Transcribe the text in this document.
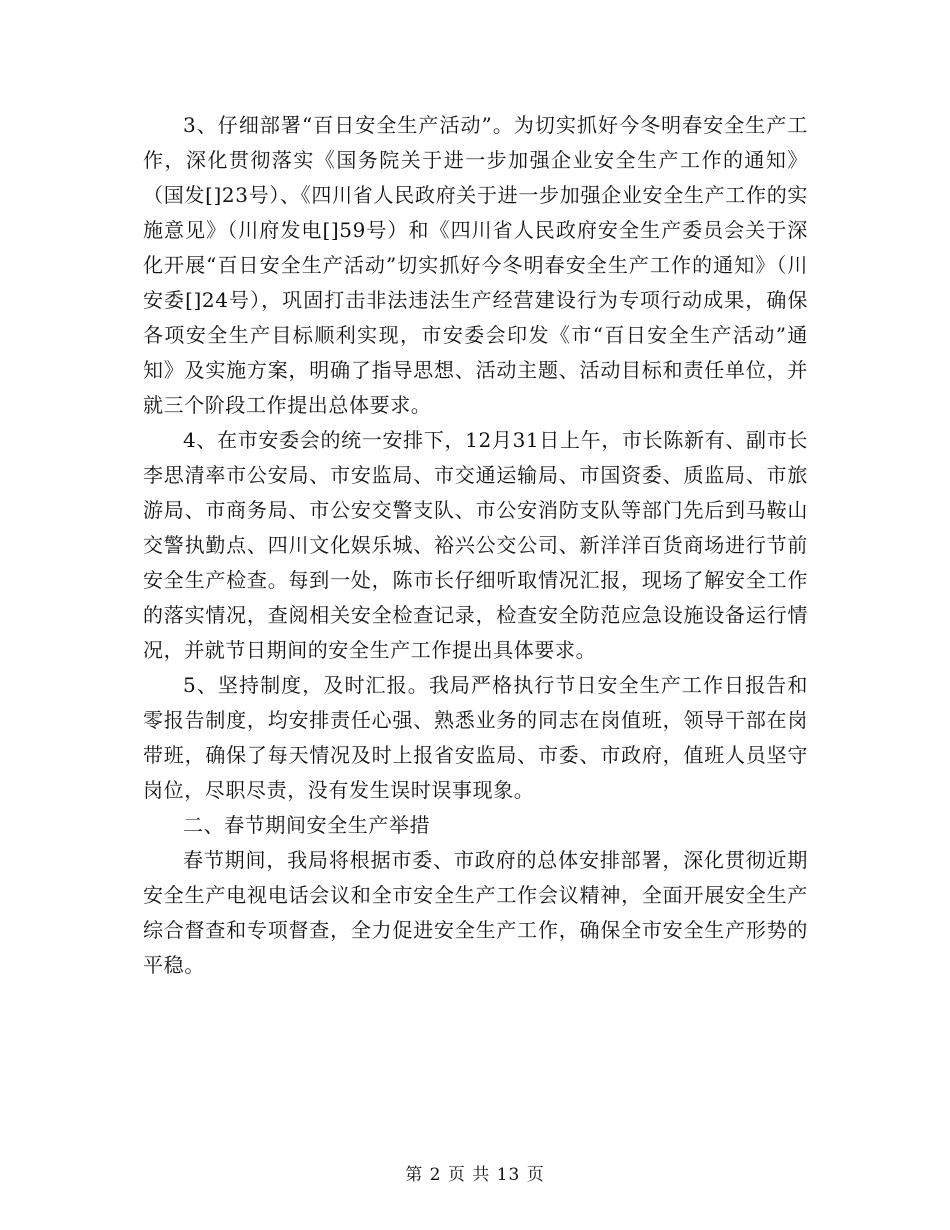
3、仔细部署“百日安全生产活动”。为切实抓好今冬明春安全生产工作，深化贯彻落实《国务院关于进一步加强企业安全生产工作的通知》（国发[]23号）、《四川省人民政府关于进一步加强企业安全生产工作的实施意见》（川府发电[]59号）和《四川省人民政府安全生产委员会关于深化开展“百日安全生产活动”切实抓好今冬明春安全生产工作的通知》（川安委[]24号），巩固打击非法违法生产经营建设行为专项行动成果，确保各项安全生产目标顺利实现，市安委会印发《市“百日安全生产活动”通知》及实施方案，明确了指导思想、活动主题、活动目标和责任单位，并就三个阶段工作提出总体要求。

4、在市安委会的统一安排下，12月31日上午，市长陈新有、副市长李思清率市公安局、市安监局、市交通运输局、市国资委、质监局、市旅游局、市商务局、市公安交警支队、市公安消防支队等部门先后到马鞍山交警执勤点、四川文化娱乐城、裕兴公交公司、新洋洋百货商场进行节前安全生产检查。每到一处，陈市长仔细听取情况汇报，现场了解安全工作的落实情况，查阅相关安全检查记录，检查安全防范应急设施设备运行情况，并就节日期间的安全生产工作提出具体要求。

5、坚持制度，及时汇报。我局严格执行节日安全生产工作日报告和零报告制度，均安排责任心强、熟悉业务的同志在岗值班，领导干部在岗带班，确保了每天情况及时上报省安监局、市委、市政府，值班人员坚守岗位，尽职尽责，没有发生误时误事现象。

二、春节期间安全生产举措

春节期间，我局将根据市委、市政府的总体安排部署，深化贯彻近期安全生产电视电话会议和全市安全生产工作会议精神，全面开展安全生产综合督查和专项督查，全力促进安全生产工作，确保全市安全生产形势的平稳。

第 2 页 共 13 页
